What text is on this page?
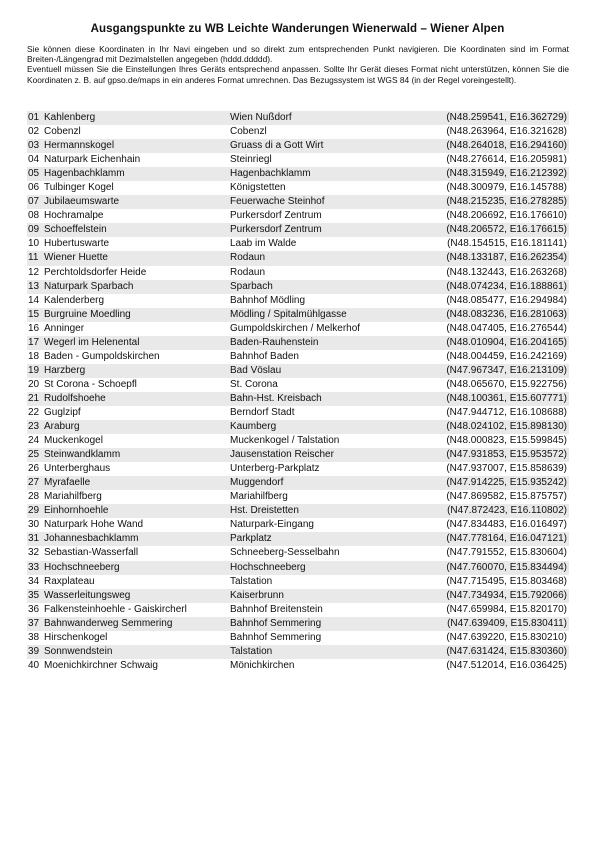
Ausgangspunkte zu WB Leichte Wanderungen Wienerwald – Wiener Alpen

Sie können diese Koordinaten in Ihr Navi eingeben und so direkt zum entsprechenden Punkt navigieren. Die Koordinaten sind im Format Breiten-/Längengrad mit Dezimalstellen angegeben (hddd.ddddd).

Eventuell müssen Sie die Einstellungen Ihres Geräts entsprechend anpassen. Sollte Ihr Gerät dieses Format nicht unterstützen, können Sie die Koordinaten z. B. auf gpso.de/maps in ein anderes Format umrechnen. Das Bezugssystem ist WGS 84 (in der Regel voreingestellt).

01	Kahlenberg	Wien Nußdorf	(N48.259541, E16.362729)
02	Cobenzl	Cobenzl	(N48.263964, E16.321628)
03	Hermannskogel	Gruass di a Gott Wirt	(N48.264018, E16.294160)
04	Naturpark Eichenhain	Steinriegl	(N48.276614, E16.205981)
05	Hagenbachklamm	Hagenbachklamm	(N48.315949, E16.212392)
06	Tulbinger Kogel	Königstetten	(N48.300979, E16.145788)
07	Jubilaeumswarte	Feuerwache Steinhof	(N48.215235, E16.278285)
08	Hochramalpe	Purkersdorf Zentrum	(N48.206692, E16.176610)
09	Schoeffelstein	Purkersdorf Zentrum	(N48.206572, E16.176615)
10	Hubertuswarte	Laab im Walde	(N48.154515, E16.181141)
11	Wiener Huette	Rodaun	(N48.133187, E16.262354)
12	Perchtoldsdorfer Heide	Rodaun	(N48.132443, E16.263268)
13	Naturpark Sparbach	Sparbach	(N48.074234, E16.188861)
14	Kalenderberg	Bahnhof Mödling	(N48.085477, E16.294984)
15	Burgruine Moedling	Mödling / Spitalmühlgasse	(N48.083236, E16.281063)
16	Anninger	Gumpoldskirchen / Melkerhof	(N48.047405, E16.276544)
17	Wegerl im Helenental	Baden-Rauhenstein	(N48.010904, E16.204165)
18	Baden - Gumpoldskirchen	Bahnhof Baden	(N48.004459, E16.242169)
19	Harzberg	Bad Vöslau	(N47.967347, E16.213109)
20	St Corona - Schoepfl	St. Corona	(N48.065670, E15.922756)
21	Rudolfshoehe	Bahn-Hst. Kreisbach	(N48.100361, E15.607771)
22	Guglzipf	Berndorf Stadt	(N47.944712, E16.108688)
23	Araburg	Kaumberg	(N48.024102, E15.898130)
24	Muckenkogel	Muckenkogel / Talstation	(N48.000823, E15.599845)
25	Steinwandklamm	Jausenstation Reischer	(N47.931853, E15.953572)
26	Unterberghaus	Unterberg-Parkplatz	(N47.937007, E15.858639)
27	Myrafaelle	Muggendorf	(N47.914225, E15.935242)
28	Mariahilfberg	Mariahilfberg	(N47.869582, E15.875757)
29	Einhornhoehle	Hst. Dreistetten	(N47.872423, E16.110802)
30	Naturpark Hohe Wand	Naturpark-Eingang	(N47.834483, E16.016497)
31	Johannesbachklamm	Parkplatz	(N47.778164, E16.047121)
32	Sebastian-Wasserfall	Schneeberg-Sesselbahn	(N47.791552, E15.830604)
33	Hochschneeberg	Hochschneeberg	(N47.760070, E15.834494)
34	Raxplateau	Talstation	(N47.715495, E15.803468)
35	Wasserleitungsweg	Kaiserbrunn	(N47.734934, E15.792066)
36	Falkensteinhoehle - Gaiskircherl	Bahnhof Breitenstein	(N47.659984, E15.820170)
37	Bahnwanderweg Semmering	Bahnhof Semmering	(N47.639409, E15.830411)
38	Hirschenkogel	Bahnhof Semmering	(N47.639220, E15.830210)
39	Sonnwendstein	Talstation	(N47.631424, E15.830360)
40	Moenichkirchner Schwaig	Mönichkirchen	(N47.512014, E16.036425)
